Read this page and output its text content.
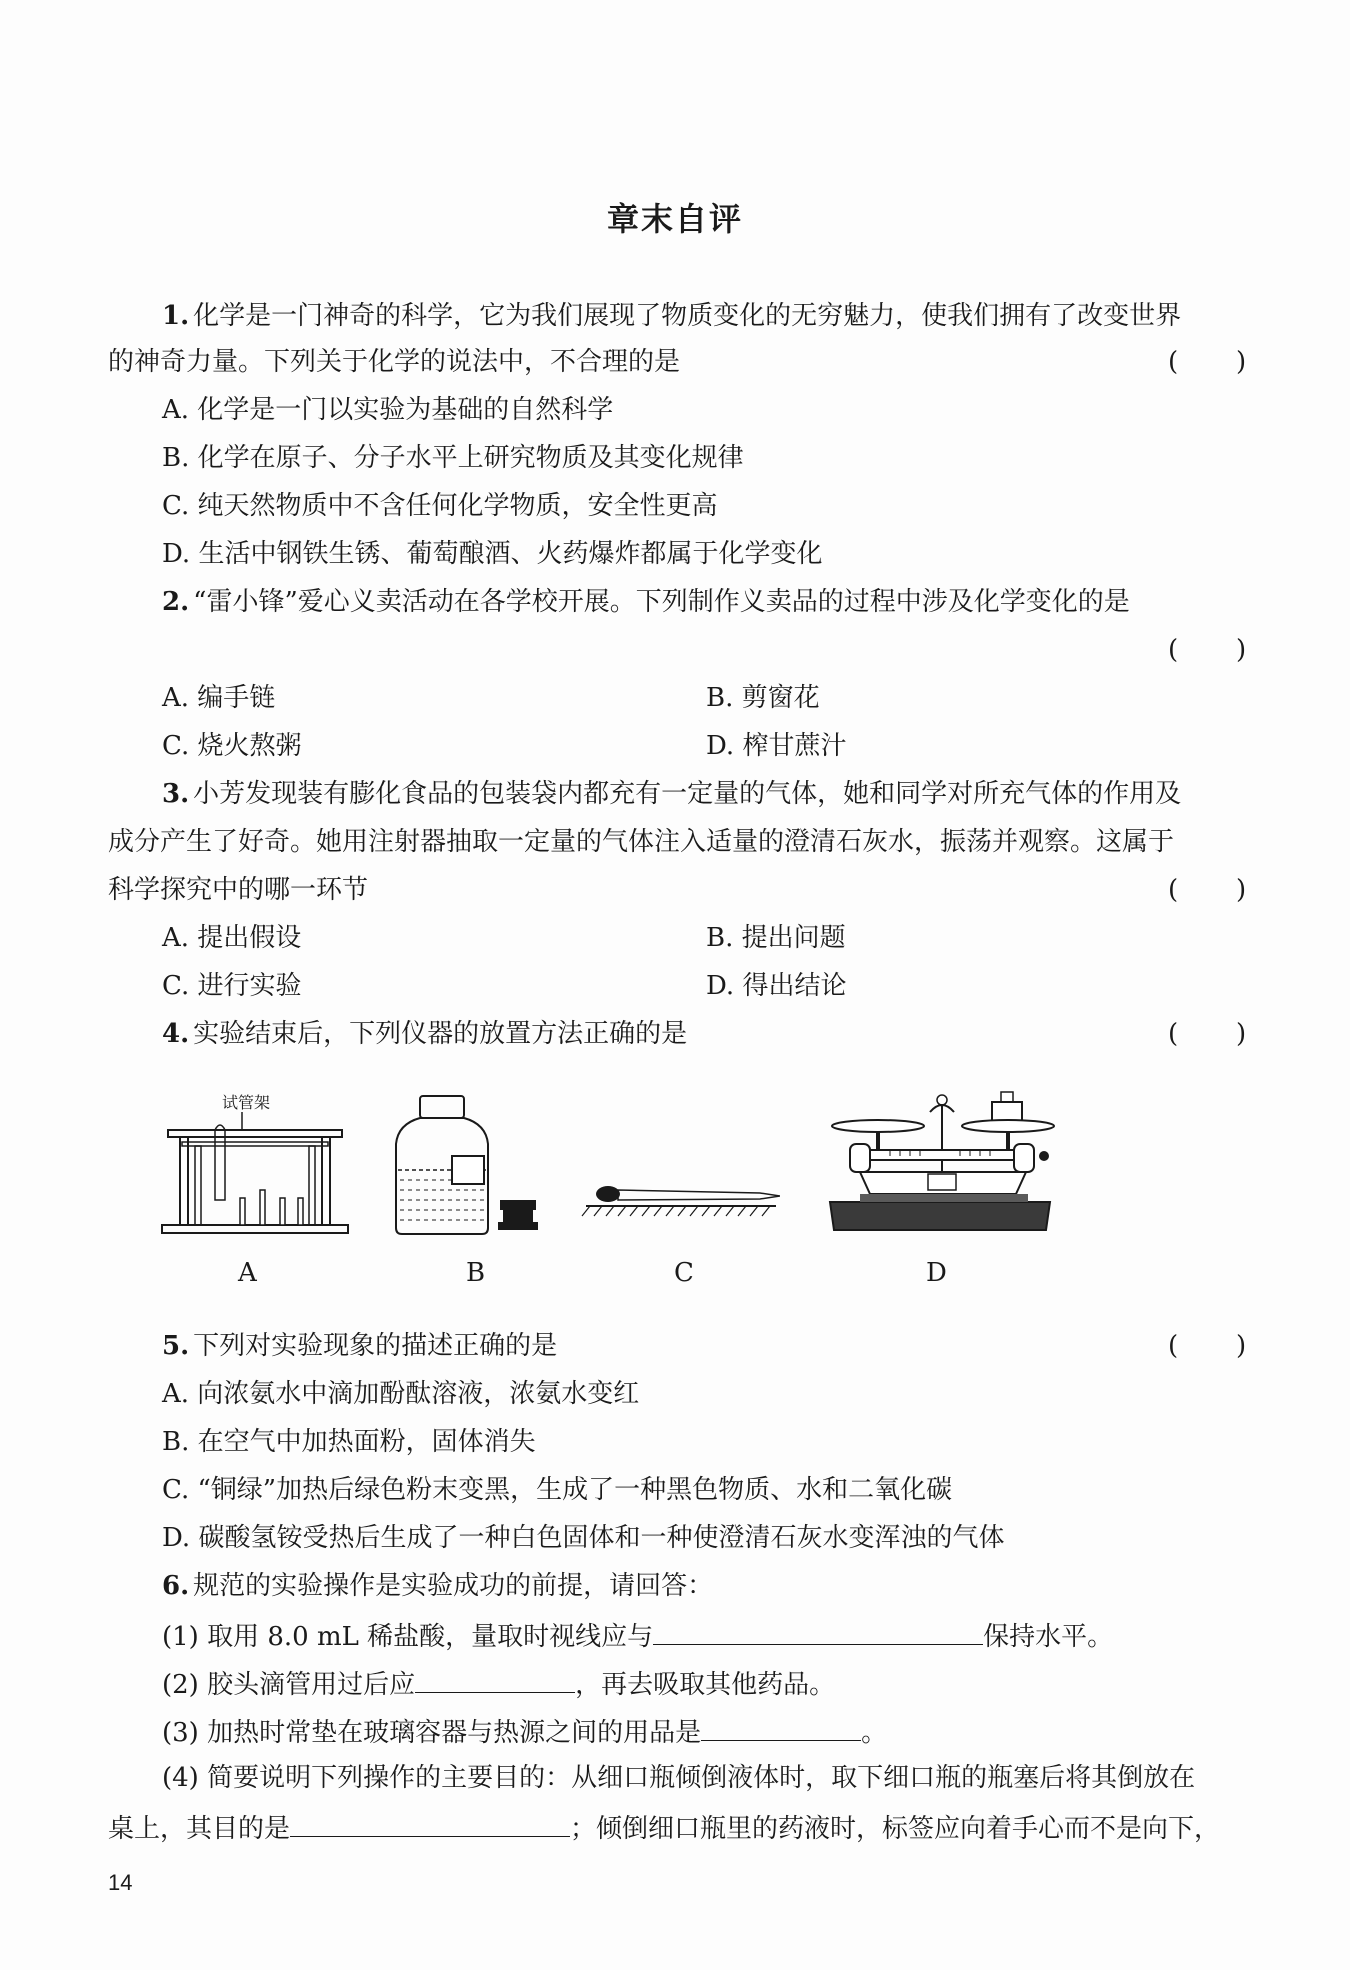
章末自评
1. 化学是一门神奇的科学，它为我们展现了物质变化的无穷魅力，使我们拥有了改变世界
的神奇力量。下列关于化学的说法中，不合理的是	( )
A. 化学是一门以实验为基础的自然科学
B. 化学在原子、分子水平上研究物质及其变化规律
C. 纯天然物质中不含任何化学物质，安全性更高
D. 生活中钢铁生锈、葡萄酿酒、火药爆炸都属于化学变化
2. “雷小锋”爱心义卖活动在各学校开展。下列制作义卖品的过程中涉及化学变化的是
( )
A. 编手链	B. 剪窗花
C. 烧火熬粥	D. 榨甘蔗汁
3. 小芳发现装有膨化食品的包装袋内都充有一定量的气体，她和同学对所充气体的作用及
成分产生了好奇。她用注射器抽取一定量的气体注入适量的澄清石灰水，振荡并观察。这属于
科学探究中的哪一环节	( )
A. 提出假设	B. 提出问题
C. 进行实验	D. 得出结论
4. 实验结束后，下列仪器的放置方法正确的是	( )
试管架
A	B	C	D
5. 下列对实验现象的描述正确的是	( )
A. 向浓氨水中滴加酚酞溶液，浓氨水变红
B. 在空气中加热面粉，固体消失
C. “铜绿”加热后绿色粉末变黑，生成了一种黑色物质、水和二氧化碳
D. 碳酸氢铵受热后生成了一种白色固体和一种使澄清石灰水变浑浊的气体
6. 规范的实验操作是实验成功的前提，请回答：
(1) 取用 8.0 mL 稀盐酸，量取时视线应与	保持水平。
(2) 胶头滴管用过后应	，再去吸取其他药品。
(3) 加热时常垫在玻璃容器与热源之间的用品是	。
(4) 简要说明下列操作的主要目的：从细口瓶倾倒液体时，取下细口瓶的瓶塞后将其倒放在
桌上，其目的是	；倾倒细口瓶里的药液时，标签应向着手心而不是向下，
14
